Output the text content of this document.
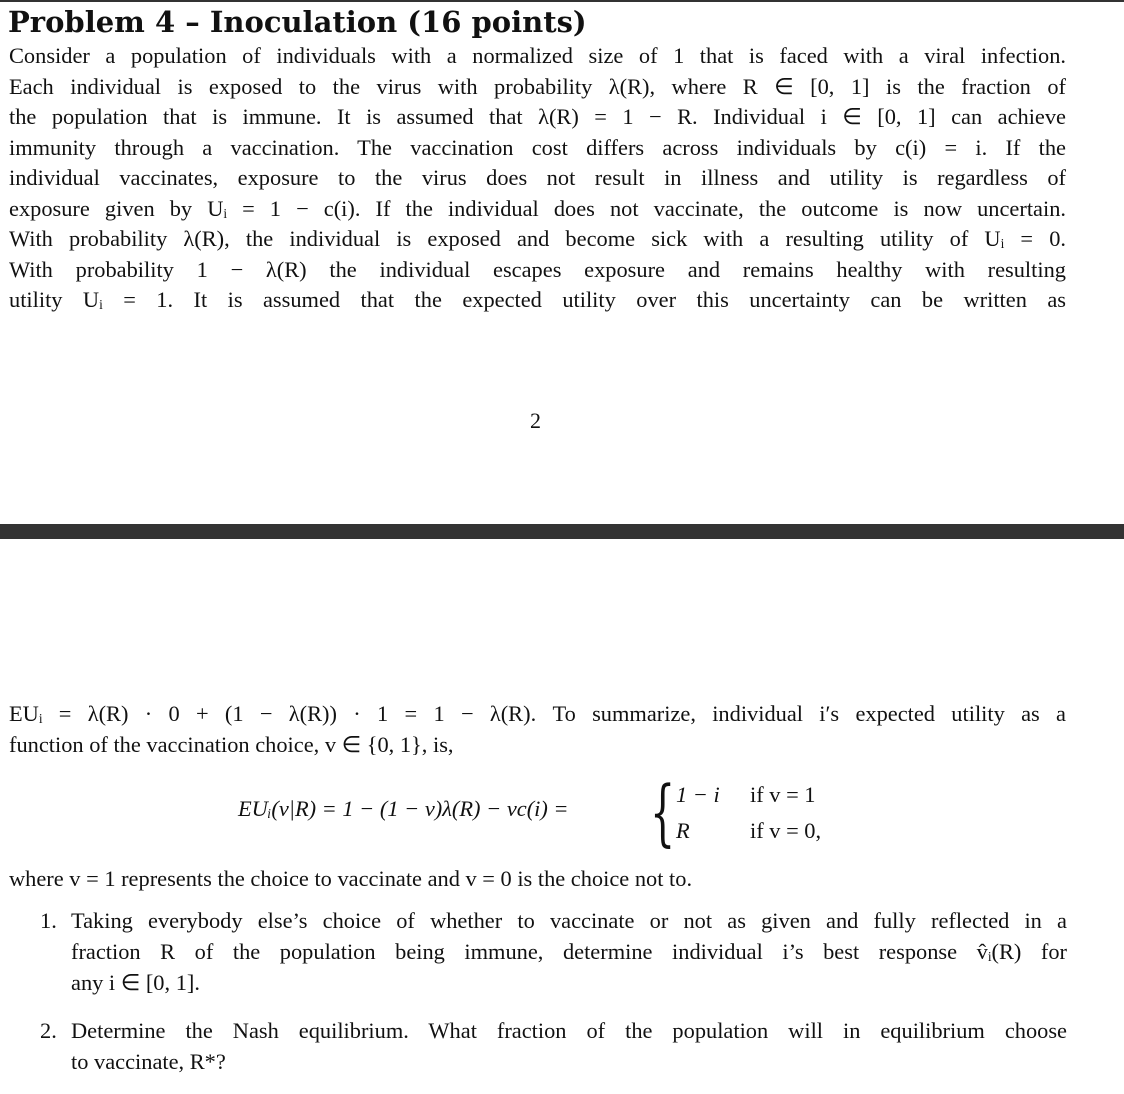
Problem 4 – Inoculation (16 points)

Consider a population of individuals with a normalized size of 1 that is faced with a viral infection.
Each individual is exposed to the virus with probability λ(R), where R ∈ [0, 1] is the fraction of
the population that is immune. It is assumed that λ(R) = 1 − R. Individual i ∈ [0, 1] can achieve
immunity through a vaccination. The vaccination cost differs across individuals by c(i) = i. If the
individual vaccinates, exposure to the virus does not result in illness and utility is regardless of
exposure given by Uᵢ = 1 − c(i). If the individual does not vaccinate, the outcome is now uncertain.
With probability λ(R), the individual is exposed and become sick with a resulting utility of Uᵢ = 0.
With probability 1 − λ(R) the individual escapes exposure and remains healthy with resulting
utility Uᵢ = 1. It is assumed that the expected utility over this uncertainty can be written as

2

EUᵢ = λ(R) · 0 + (1 − λ(R)) · 1 = 1 − λ(R). To summarize, individual i′s expected utility as a
function of the vaccination choice, v ∈ {0, 1}, is,

EUᵢ(v|R) = 1 − (1 − v)λ(R) − vc(i) = { 1 − i if v = 1
R	if v = 0,

where v = 1 represents the choice to vaccinate and v = 0 is the choice not to.

1. Taking everybody else’s choice of whether to vaccinate or not as given and fully reflected in a
fraction R of the population being immune, determine individual i’s best response v̂ᵢ(R) for
any i ∈ [0, 1].
2. Determine the Nash equilibrium. What fraction of the population will in equilibrium choose
to vaccinate, R*?
